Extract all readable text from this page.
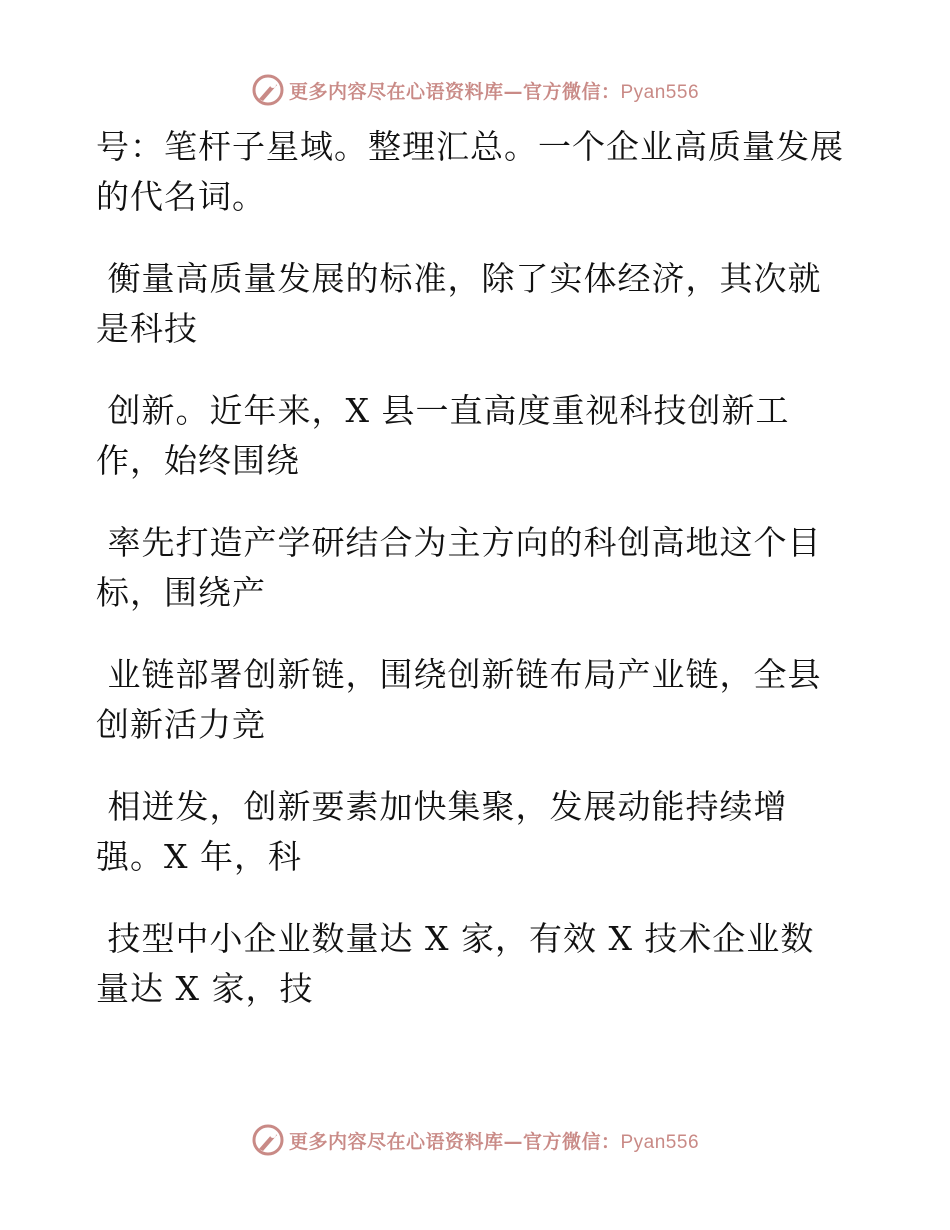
更多内容尽在心语资料库—官方微信：Pyan556
号：笔杆子星域。整理汇总。一个企业高质量发展
的代名词。
衡量高质量发展的标准，除了实体经济，其次就
是科技
创新。近年来，X 县一直高度重视科技创新工
作，始终围绕
率先打造产学研结合为主方向的科创高地这个目
标，围绕产
业链部署创新链，围绕创新链布局产业链，全县
创新活力竞
相迸发，创新要素加快集聚，发展动能持续增
强。X 年，科
技型中小企业数量达 X 家，有效 X 技术企业数
量达 X 家，技
更多内容尽在心语资料库—官方微信：Pyan556
